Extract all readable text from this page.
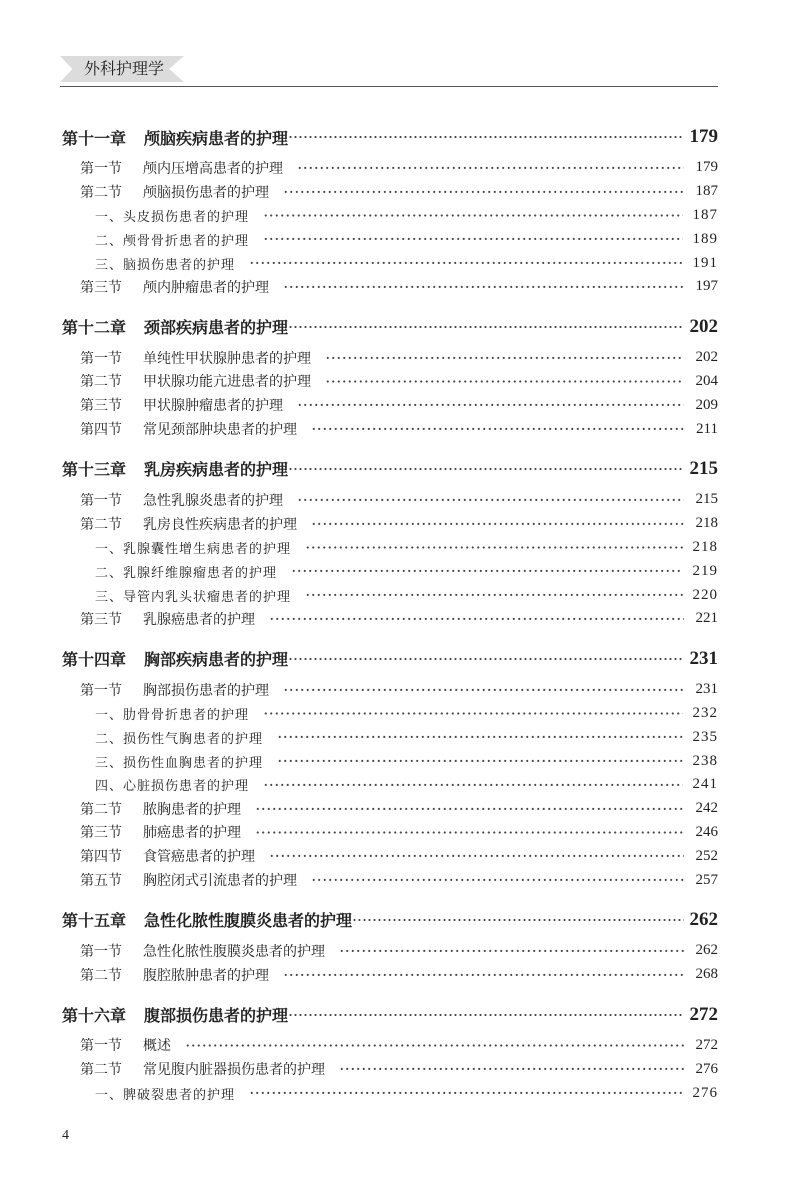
外科护理学
第十一章	颅脑疾病患者的护理	179
第一节	颅内压增高患者的护理	179
第二节	颅脑损伤患者的护理	187
一、头皮损伤患者的护理	187
二、颅骨骨折患者的护理	189
三、脑损伤患者的护理	191
第三节	颅内肿瘤患者的护理	197
第十二章	颈部疾病患者的护理	202
第一节	单纯性甲状腺肿患者的护理	202
第二节	甲状腺功能亢进患者的护理	204
第三节	甲状腺肿瘤患者的护理	209
第四节	常见颈部肿块患者的护理	211
第十三章	乳房疾病患者的护理	215
第一节	急性乳腺炎患者的护理	215
第二节	乳房良性疾病患者的护理	218
一、乳腺囊性增生病患者的护理	218
二、乳腺纤维腺瘤患者的护理	219
三、导管内乳头状瘤患者的护理	220
第三节	乳腺癌患者的护理	221
第十四章	胸部疾病患者的护理	231
第一节	胸部损伤患者的护理	231
一、肋骨骨折患者的护理	232
二、损伤性气胸患者的护理	235
三、损伤性血胸患者的护理	238
四、心脏损伤患者的护理	241
第二节	脓胸患者的护理	242
第三节	肺癌患者的护理	246
第四节	食管癌患者的护理	252
第五节	胸腔闭式引流患者的护理	257
第十五章	急性化脓性腹膜炎患者的护理	262
第一节	急性化脓性腹膜炎患者的护理	262
第二节	腹腔脓肿患者的护理	268
第十六章	腹部损伤患者的护理	272
第一节	概述	272
第二节	常见腹内脏器损伤患者的护理	276
一、脾破裂患者的护理	276
4
